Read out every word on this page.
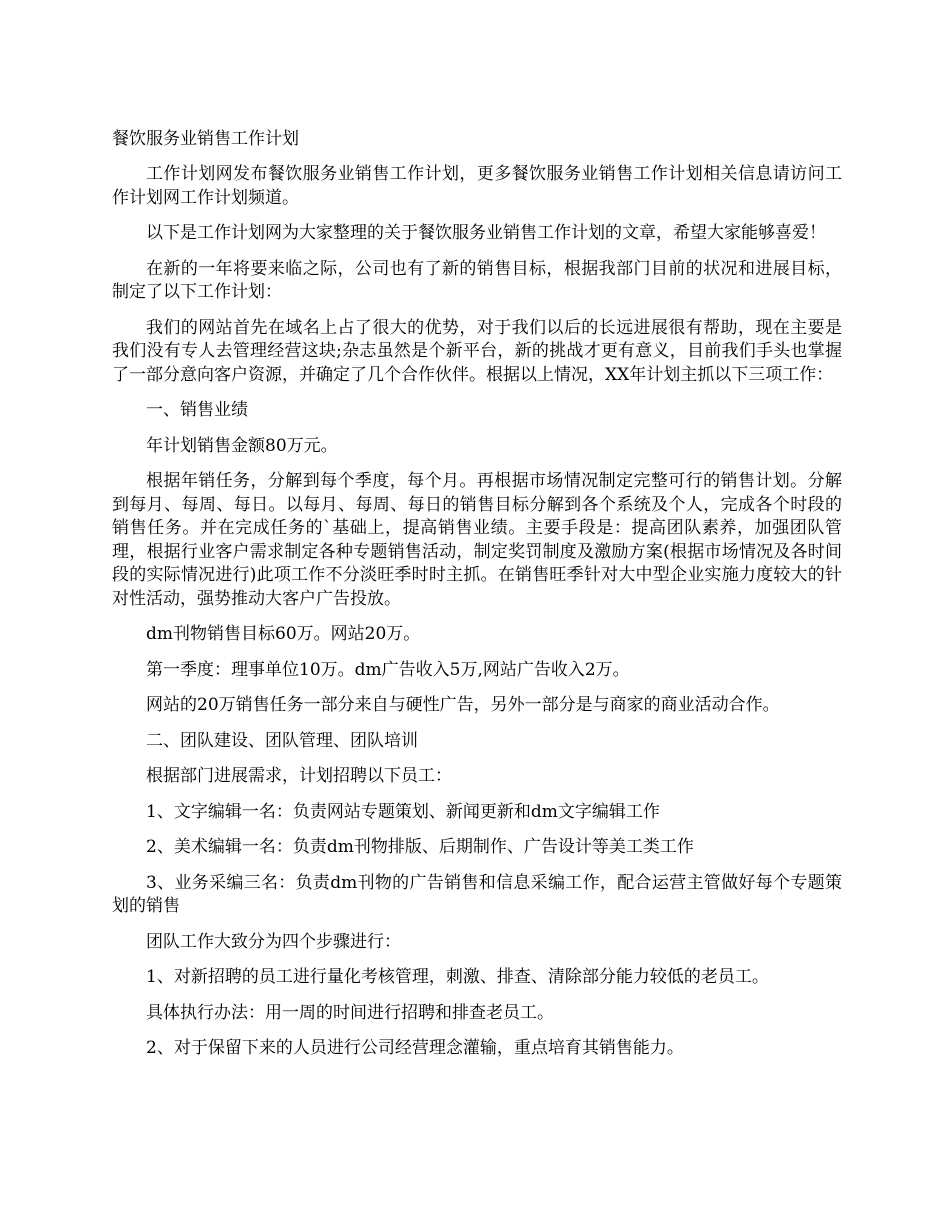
餐饮服务业销售工作计划

工作计划网发布餐饮服务业销售工作计划，更多餐饮服务业销售工作计划相关信息请访问工作计划网工作计划频道。

以下是工作计划网为大家整理的关于餐饮服务业销售工作计划的文章，希望大家能够喜爱！

在新的一年将要来临之际，公司也有了新的销售目标，根据我部门目前的状况和进展目标，制定了以下工作计划：

我们的网站首先在域名上占了很大的优势，对于我们以后的长远进展很有帮助，现在主要是我们没有专人去管理经营这块;杂志虽然是个新平台，新的挑战才更有意义，目前我们手头也掌握了一部分意向客户资源，并确定了几个合作伙伴。根据以上情况，XX年计划主抓以下三项工作：

一、销售业绩

年计划销售金额80万元。

根据年销任务，分解到每个季度，每个月。再根据市场情况制定完整可行的销售计划。分解到每月、每周、每日。以每月、每周、每日的销售目标分解到各个系统及个人，完成各个时段的销售任务。并在完成任务的`基础上，提高销售业绩。主要手段是：提高团队素养，加强团队管理，根据行业客户需求制定各种专题销售活动，制定奖罚制度及激励方案(根据市场情况及各时间段的实际情况进行)此项工作不分淡旺季时时主抓。在销售旺季针对大中型企业实施力度较大的针对性活动，强势推动大客户广告投放。

dm刊物销售目标60万。网站20万。

第一季度：理事单位10万。dm广告收入5万,网站广告收入2万。

网站的20万销售任务一部分来自与硬性广告，另外一部分是与商家的商业活动合作。

二、团队建设、团队管理、团队培训

根据部门进展需求，计划招聘以下员工：

1、文字编辑一名：负责网站专题策划、新闻更新和dm文字编辑工作

2、美术编辑一名：负责dm刊物排版、后期制作、广告设计等美工类工作

3、业务采编三名：负责dm刊物的广告销售和信息采编工作，配合运营主管做好每个专题策划的销售

团队工作大致分为四个步骤进行：

1、对新招聘的员工进行量化考核管理，刺激、排查、清除部分能力较低的老员工。

具体执行办法：用一周的时间进行招聘和排查老员工。

2、对于保留下来的人员进行公司经营理念灌输，重点培育其销售能力。
